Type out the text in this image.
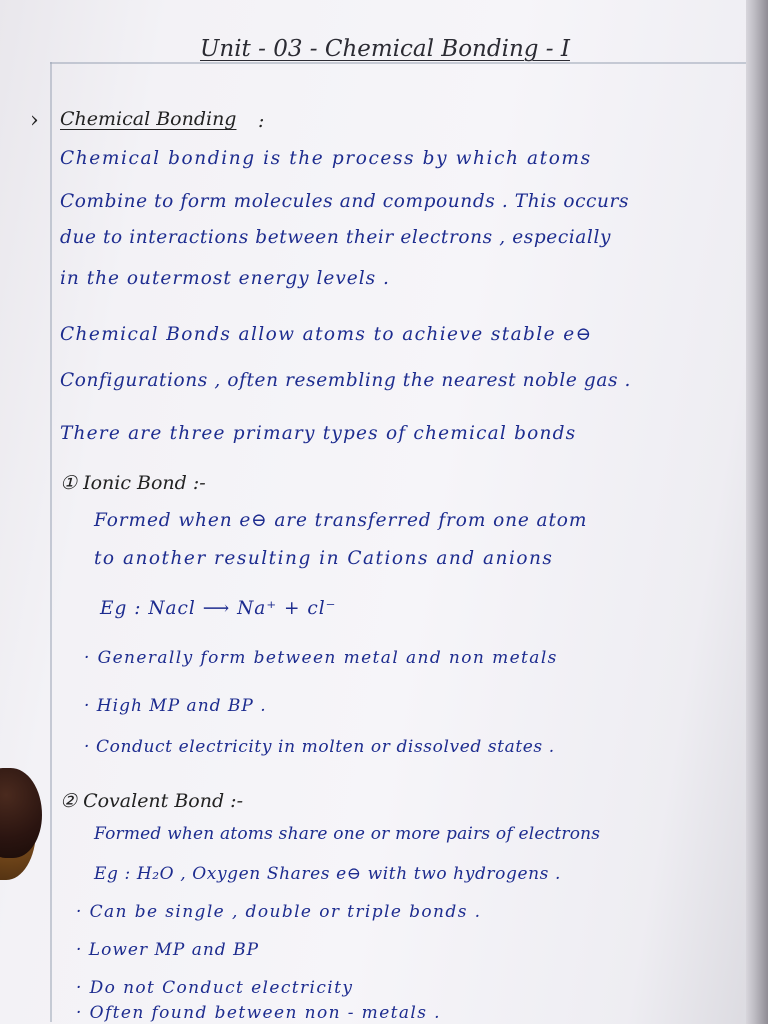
Unit - 03 - Chemical Bonding - I
› Chemical Bonding :
Chemical bonding is the process by which atoms
Combine to form molecules and compounds . This occurs
due to interactions between their electrons , especially
in the outermost energy levels .
Chemical Bonds allow atoms to achieve stable e⊖
Configurations , often resembling the nearest noble gas .
There are three primary types of chemical bonds
① Ionic Bond :-
Formed when e⊖ are transferred from one atom
to another resulting in Cations and anions
Eg : Nacl ⟶ Na⁺ + cl⁻
· Generally form between metal and non metals
· High MP and BP .
· Conduct electricity in molten or dissolved states .
② Covalent Bond :-
Formed when atoms share one or more pairs of electrons
Eg : H₂O , Oxygen Shares e⊖ with two hydrogens .
· Can be single , double or triple bonds .
· Lower MP and BP
· Do not Conduct electricity
· Often found between non - metals .
